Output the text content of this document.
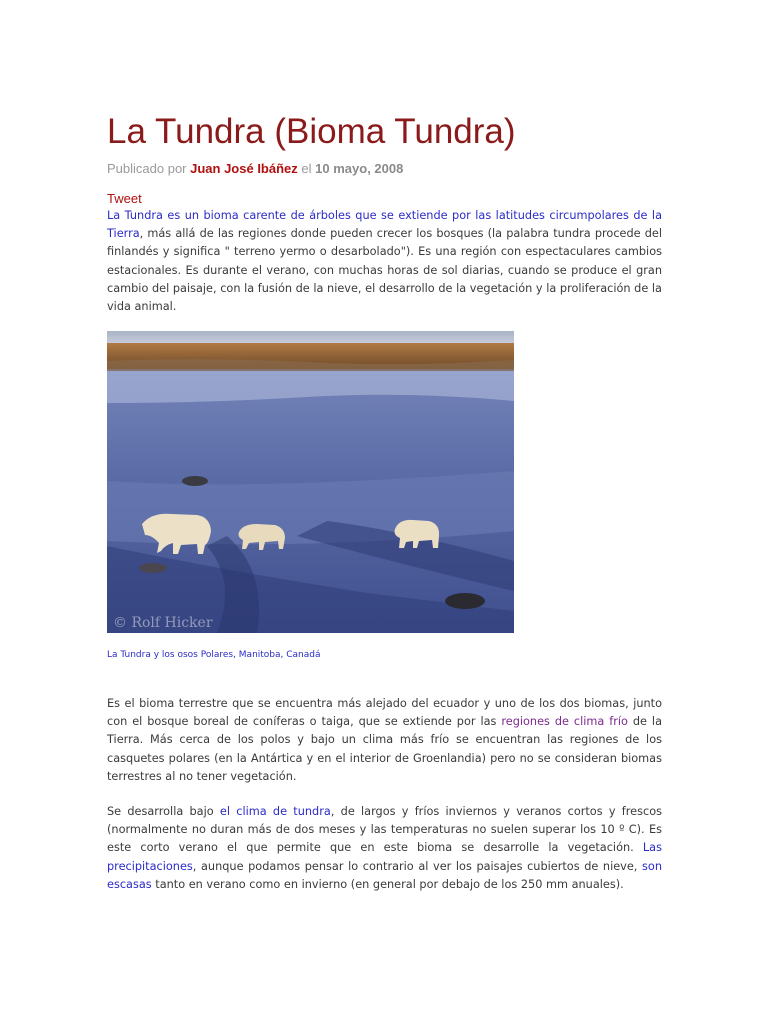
La Tundra (Bioma Tundra)
Publicado por Juan José Ibáñez el 10 mayo, 2008
Tweet

La Tundra es un bioma carente de árboles que se extiende por las latitudes circumpolares de la Tierra, más allá de las regiones donde pueden crecer los bosques (la palabra tundra procede del finlandés y significa " terreno yermo o desarbolado"). Es una región con espectaculares cambios estacionales. Es durante el verano, con muchas horas de sol diarias, cuando se produce el gran cambio del paisaje, con la fusión de la nieve, el desarrollo de la vegetación y la proliferación de la vida animal.

© Rolf Hicker
La Tundra y los osos Polares, Manitoba, Canadá

Es el bioma terrestre que se encuentra más alejado del ecuador y uno de los dos biomas, junto con el bosque boreal de coníferas o taiga, que se extiende por las regiones de clima frío de la Tierra. Más cerca de los polos y bajo un clima más frío se encuentran las regiones de los casquetes polares (en la Antártica y en el interior de Groenlandia) pero no se consideran biomas terrestres al no tener vegetación.

Se desarrolla bajo el clima de tundra, de largos y fríos inviernos y veranos cortos y frescos (normalmente no duran más de dos meses y las temperaturas no suelen superar los 10 º C). Es este corto verano el que permite que en este bioma se desarrolle la vegetación. Las precipitaciones, aunque podamos pensar lo contrario al ver los paisajes cubiertos de nieve, son escasas tanto en verano como en invierno (en general por debajo de los 250 mm anuales).
